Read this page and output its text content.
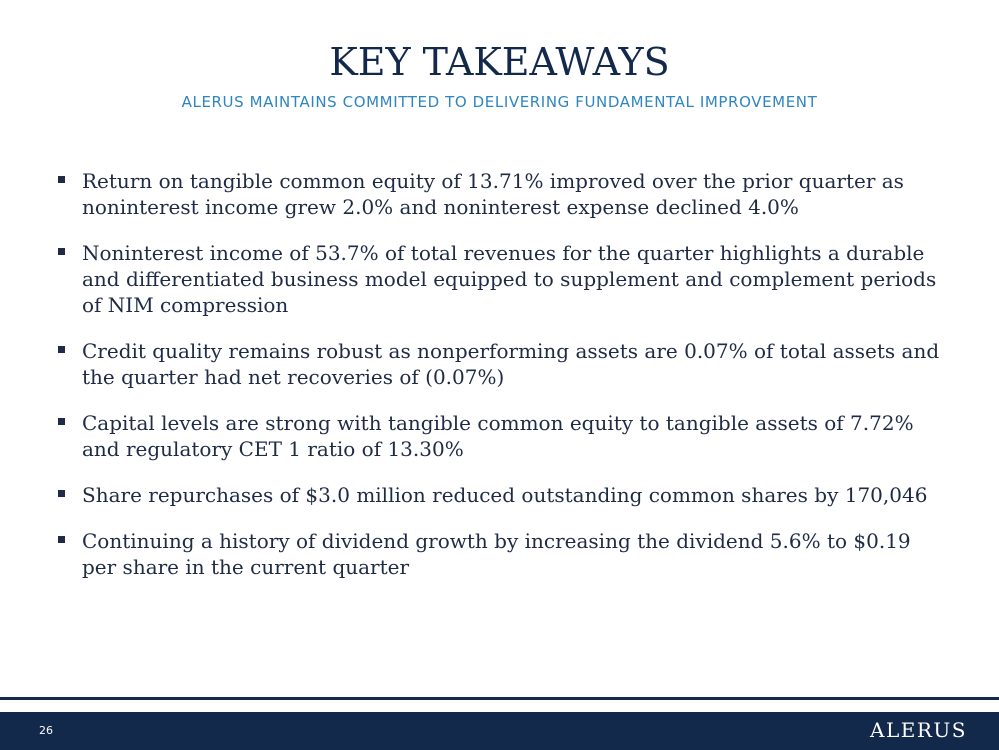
KEY TAKEAWAYS
ALERUS MAINTAINS COMMITTED TO DELIVERING FUNDAMENTAL IMPROVEMENT
Return on tangible common equity of 13.71% improved over the prior quarter as noninterest income grew 2.0% and noninterest expense declined 4.0%
Noninterest income of 53.7% of total revenues for the quarter highlights a durable and differentiated business model equipped to supplement and complement periods of NIM compression
Credit quality remains robust as nonperforming assets are 0.07% of total assets and the quarter had net recoveries of (0.07%)
Capital levels are strong with tangible common equity to tangible assets of 7.72% and regulatory CET 1 ratio of 13.30%
Share repurchases of $3.0 million reduced outstanding common shares by 170,046
Continuing a history of dividend growth by increasing the dividend 5.6% to $0.19 per share in the current quarter
26	ALERUS
